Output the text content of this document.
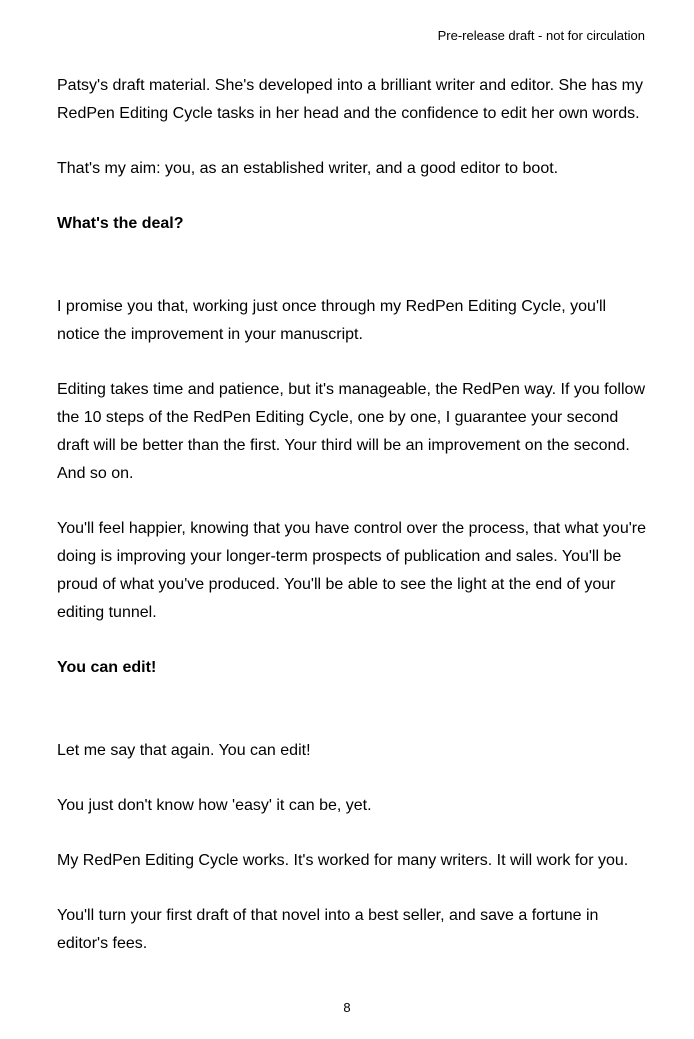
Pre-release draft - not for circulation

Patsy's draft material. She's developed into a brilliant writer and editor. She has my RedPen Editing Cycle tasks in her head and the confidence to edit her own words.

That's my aim: you, as an established writer, and a good editor to boot.

What's the deal?

I promise you that, working just once through my RedPen Editing Cycle, you'll notice the improvement in your manuscript.

Editing takes time and patience, but it's manageable, the RedPen way. If you follow the 10 steps of the RedPen Editing Cycle, one by one, I guarantee your second draft will be better than the first. Your third will be an improvement on the second. And so on.

You'll feel happier, knowing that you have control over the process, that what you're doing is improving your longer-term prospects of publication and sales. You'll be proud of what you've produced. You'll be able to see the light at the end of your editing tunnel.

You can edit!

Let me say that again. You can edit!

You just don't know how 'easy' it can be, yet.

My RedPen Editing Cycle works. It's worked for many writers. It will work for you.

You'll turn your first draft of that novel into a best seller, and save a fortune in editor's fees.

8
